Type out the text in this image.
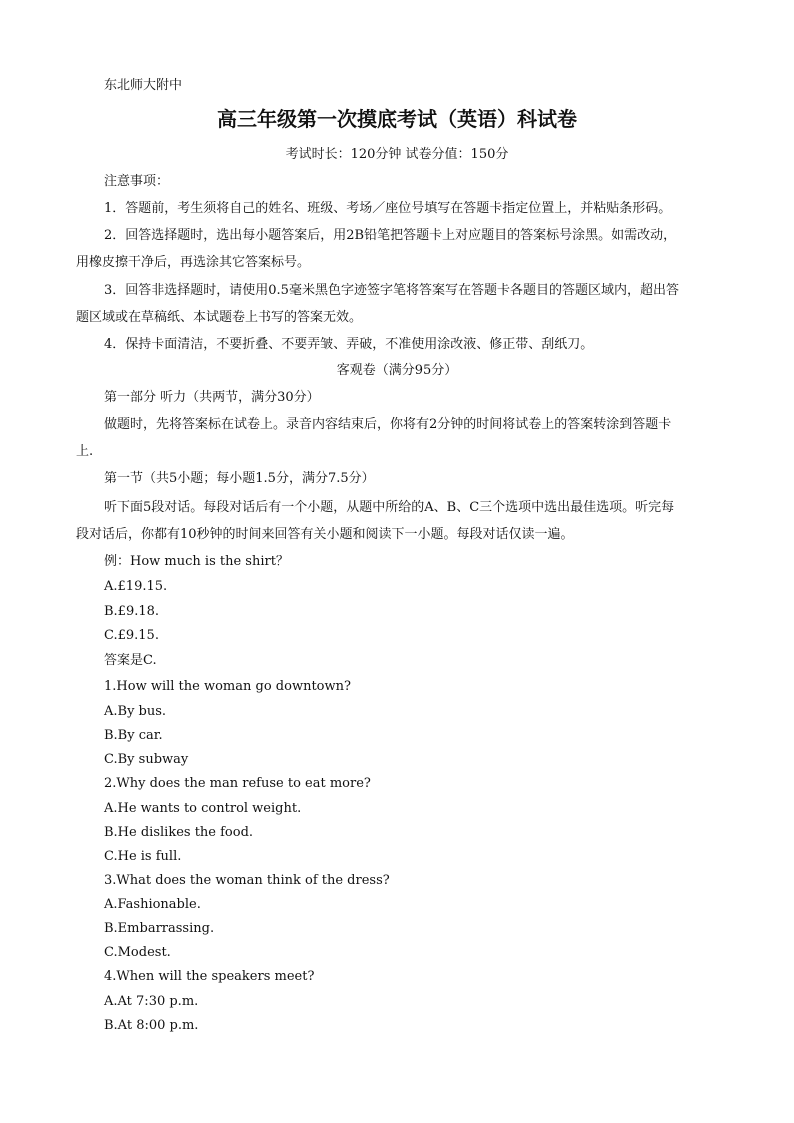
东北师大附中
高三年级第一次摸底考试（英语）科试卷
考试时长：120分钟 试卷分值：150分
注意事项：
1．答题前，考生须将自己的姓名、班级、考场／座位号填写在答题卡指定位置上，并粘贴条形码。
2．回答选择题时，选出每小题答案后，用2B铅笔把答题卡上对应题目的答案标号涂黑。如需改动，
用橡皮擦干净后，再选涂其它答案标号。
3．回答非选择题时，请使用0.5毫米黑色字迹签字笔将答案写在答题卡各题目的答题区域内，超出答
题区域或在草稿纸、本试题卷上书写的答案无效。
4．保持卡面清洁，不要折叠、不要弄皱、弄破，不准使用涂改液、修正带、刮纸刀。
客观卷（满分95分）
第一部分 听力（共两节，满分30分）
做题时，先将答案标在试卷上。录音内容结束后，你将有2分钟的时间将试卷上的答案转涂到答题卡
上.
第一节（共5小题；每小题1.5分，满分7.5分）
听下面5段对话。每段对话后有一个小题，从题中所给的A、B、C三个选项中选出最佳选项。听完每
段对话后，你都有10秒钟的时间来回答有关小题和阅读下一小题。每段对话仅读一遍。
例：How much is the shirt？
A.£19.15.
B.£9.18.
C.£9.15.
答案是C.
1.How will the woman go downtown?
A.By bus.
B.By car.
C.By subway
2.Why does the man refuse to eat more?
A.He wants to control weight.
B.He dislikes the food.
C.He is full.
3.What does the woman think of the dress?
A.Fashionable.
B.Embarrassing.
C.Modest.
4.When will the speakers meet?
A.At 7:30 p.m.
B.At 8:00 p.m.
